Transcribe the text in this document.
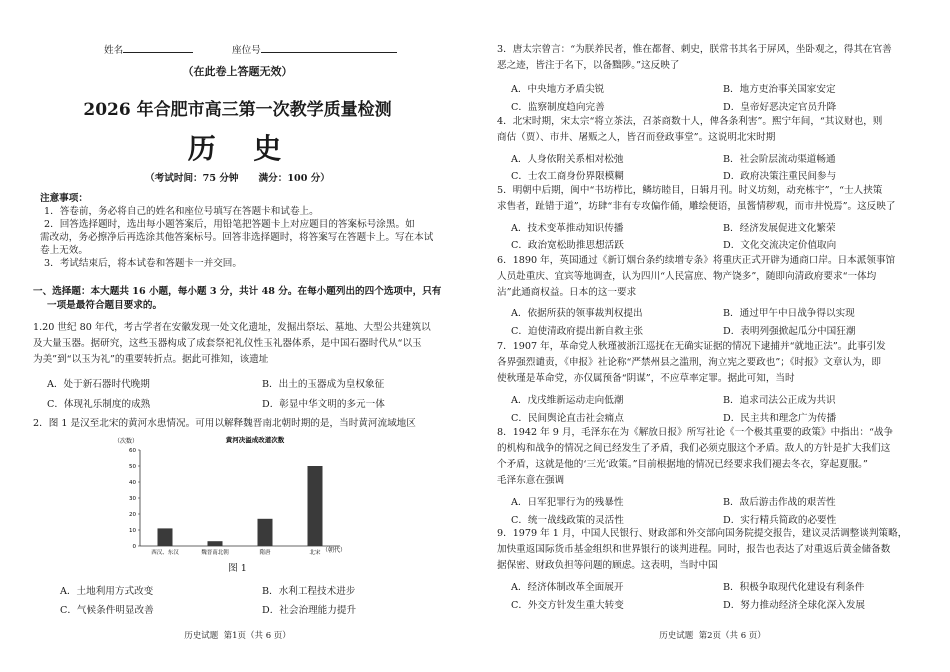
姓名	座位号
（在此卷上答题无效）
2026 年合肥市高三第一次教学质量检测
历  史
（考试时间：75 分钟      满分：100 分）
注意事项：
1．答卷前，务必将自己的姓名和座位号填写在答题卡和试卷上。
2．回答选择题时，选出每小题答案后，用铅笔把答题卡上对应题目的答案标号涂黑。如
需改动，务必擦净后再选涂其他答案标号。回答非选择题时，将答案写在答题卡上。写在本试
卷上无效。
3．考试结束后，将本试卷和答题卡一并交回。
一、选择题：本大题共 16 小题，每小题 3 分，共计 48 分。在每小题列出的四个选项中，只有
一项是最符合题目要求的。
1.20 世纪 80 年代，考古学者在安徽发现一处文化遗址，发掘出祭坛、墓地、大型公共建筑以
及大量玉器。据研究，这些玉器构成了成套祭祀礼仪性玉礼器体系，是中国石器时代从“以玉
为美”到“以玉为礼”的重要转折点。据此可推知，该遗址
A．处于新石器时代晚期	B．出土的玉器成为皇权象征
C．体现礼乐制度的成熟	D．彰显中华文明的多元一体
2．图 1 是汉至北宋的黄河水患情况。可用以解释魏晋南北朝时期的是，当时黄河流域地区
黄河决溢成改道次数
（次数）
（朝代）
0
10
20
30
40
50
60
西汉、东汉	魏晋南北朝	隋唐	北宋
图 1
A．土地利用方式改变	B．水利工程技术进步
C．气候条件明显改善	D．社会治理能力提升
历史试题  第1页（共 6 页）
3．唐太宗曾言：“为朕养民者，惟在都督、刺史，朕常书其名于屏风，坐卧观之，得其在官善
恶之迹，皆注于名下，以备黜陟。”这反映了
A．中央地方矛盾尖锐	B．地方吏治事关国家安定
C．监察制度趋向完善	D．皇帝好恶决定官员升降
4．北宋时期，宋太宗“将立茶法，召茶商数十人，俾各条利害”。熙宁年间，“其议财也，则
商估（贾）、市井、屠贩之人，皆召而登政事堂”。这说明北宋时期
A．人身依附关系相对松弛	B．社会阶层流动渠道畅通
C．士农工商身份界限模糊	D．政府决策注重民间参与
5．明朝中后期，闽中“书坊栉比，鳞坊睦目，日辑月刊。时义坊刻，动充栋宇”，“士人挟策
求售者，趾错于道”，坊肆“非有专攻偏作俑，雕绘便语，虽酱情秽观，而市井悦焉”。这反映了
A．技术变革推动知识传播	B．经济发展促进文化繁荣
C．政治宽松助推思想活跃	D．文化交流决定价值取向
6．1890 年，英国通过《新订烟台条约续增专条》将重庆正式开辟为通商口岸。日本派领事馆
人员赴重庆、宜宾等地调查，认为四川“人民富庶、物产饶多”，随即向清政府要求“一体均
沾”此通商权益。日本的这一要求
A．依据所获的领事裁判权提出	B．通过甲午中日战争得以实现
C．迫使清政府提出新自救主张	D．表明列强掀起瓜分中国狂潮
7．1907 年，革命党人秋瑾被浙江巡抚在无确实证据的情况下逮捕并“就地正法”。此事引发
各界强烈谴责，《申报》社论称“严禁州县之滥刑，洵立宪之要政也”；《时报》文章认为，即
使秋瑾是革命党，亦仅属预备“阴谋”，不应草率定罪。据此可知，当时
A．戊戌维新运动走向低潮	B．追求司法公正成为共识
C．民间舆论直击社会痛点	D．民主共和理念广为传播
8．1942 年 9 月，毛泽东在为《解放日报》所写社论《一个极其重要的政策》中指出：“战争
的机构和战争的情况之间已经发生了矛盾，我们必须克服这个矛盾。敌人的方针是扩大我们这
个矛盾，这就是他的‘三光’政策。”目前根据地的情况已经要求我们褪去冬衣，穿起夏服。”
毛泽东意在强调
A．日军犯罪行为的残暴性	B．敌后游击作战的艰苦性
C．统一战线政策的灵活性	D．实行精兵简政的必要性
9．1979 年 1 月，中国人民银行、财政部和外交部向国务院提交报告，建议灵活调整谈判策略，
加快重返国际货币基金组织和世界银行的谈判进程。同时，报告也表达了对重返后黄金储备数
据保密、财政负担等问题的顾虑。这表明，当时中国
A．经济体制改革全面展开	B．积极争取现代化建设有利条件
C．外交方针发生重大转变	D．努力推动经济全球化深入发展
历史试题  第2页（共 6 页）
